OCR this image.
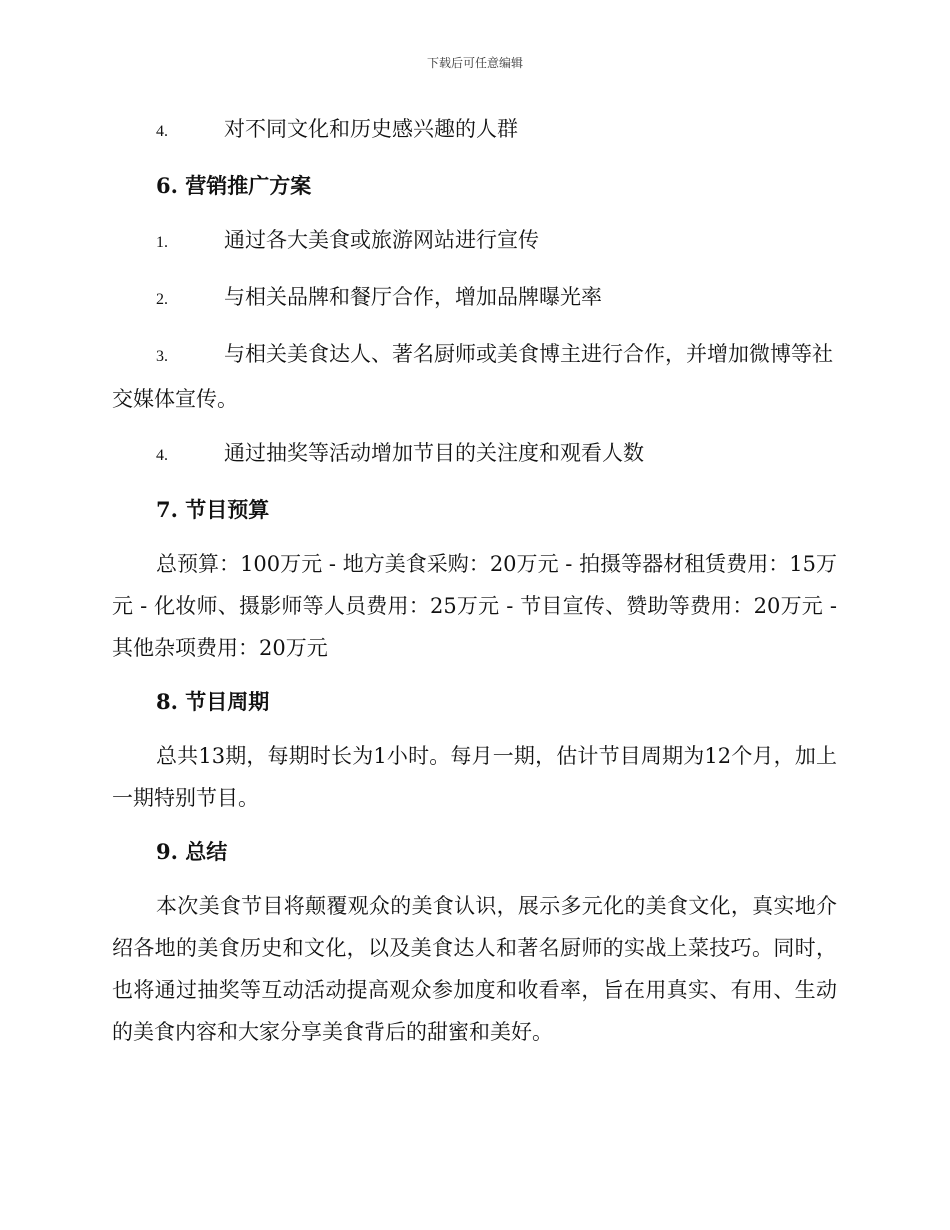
下载后可任意编辑
4.	对不同文化和历史感兴趣的人群
6. 营销推广方案
1.	通过各大美食或旅游网站进行宣传
2.	与相关品牌和餐厅合作，增加品牌曝光率
3.	与相关美食达人、著名厨师或美食博主进行合作，并增加微博等社交媒体宣传。
4.	通过抽奖等活动增加节目的关注度和观看人数
7. 节目预算

总预算：100万元 - 地方美食采购：20万元 - 拍摄等器材租赁费用：15万元 - 化妆师、摄影师等人员费用：25万元 - 节目宣传、赞助等费用：20万元 - 其他杂项费用：20万元

8. 节目周期

总共13期，每期时长为1小时。每月一期，估计节目周期为12个月，加上一期特别节目。

9. 总结

本次美食节目将颠覆观众的美食认识，展示多元化的美食文化，真实地介绍各地的美食历史和文化，以及美食达人和著名厨师的实战上菜技巧。同时，也将通过抽奖等互动活动提高观众参加度和收看率，旨在用真实、有用、生动的美食内容和大家分享美食背后的甜蜜和美好。
